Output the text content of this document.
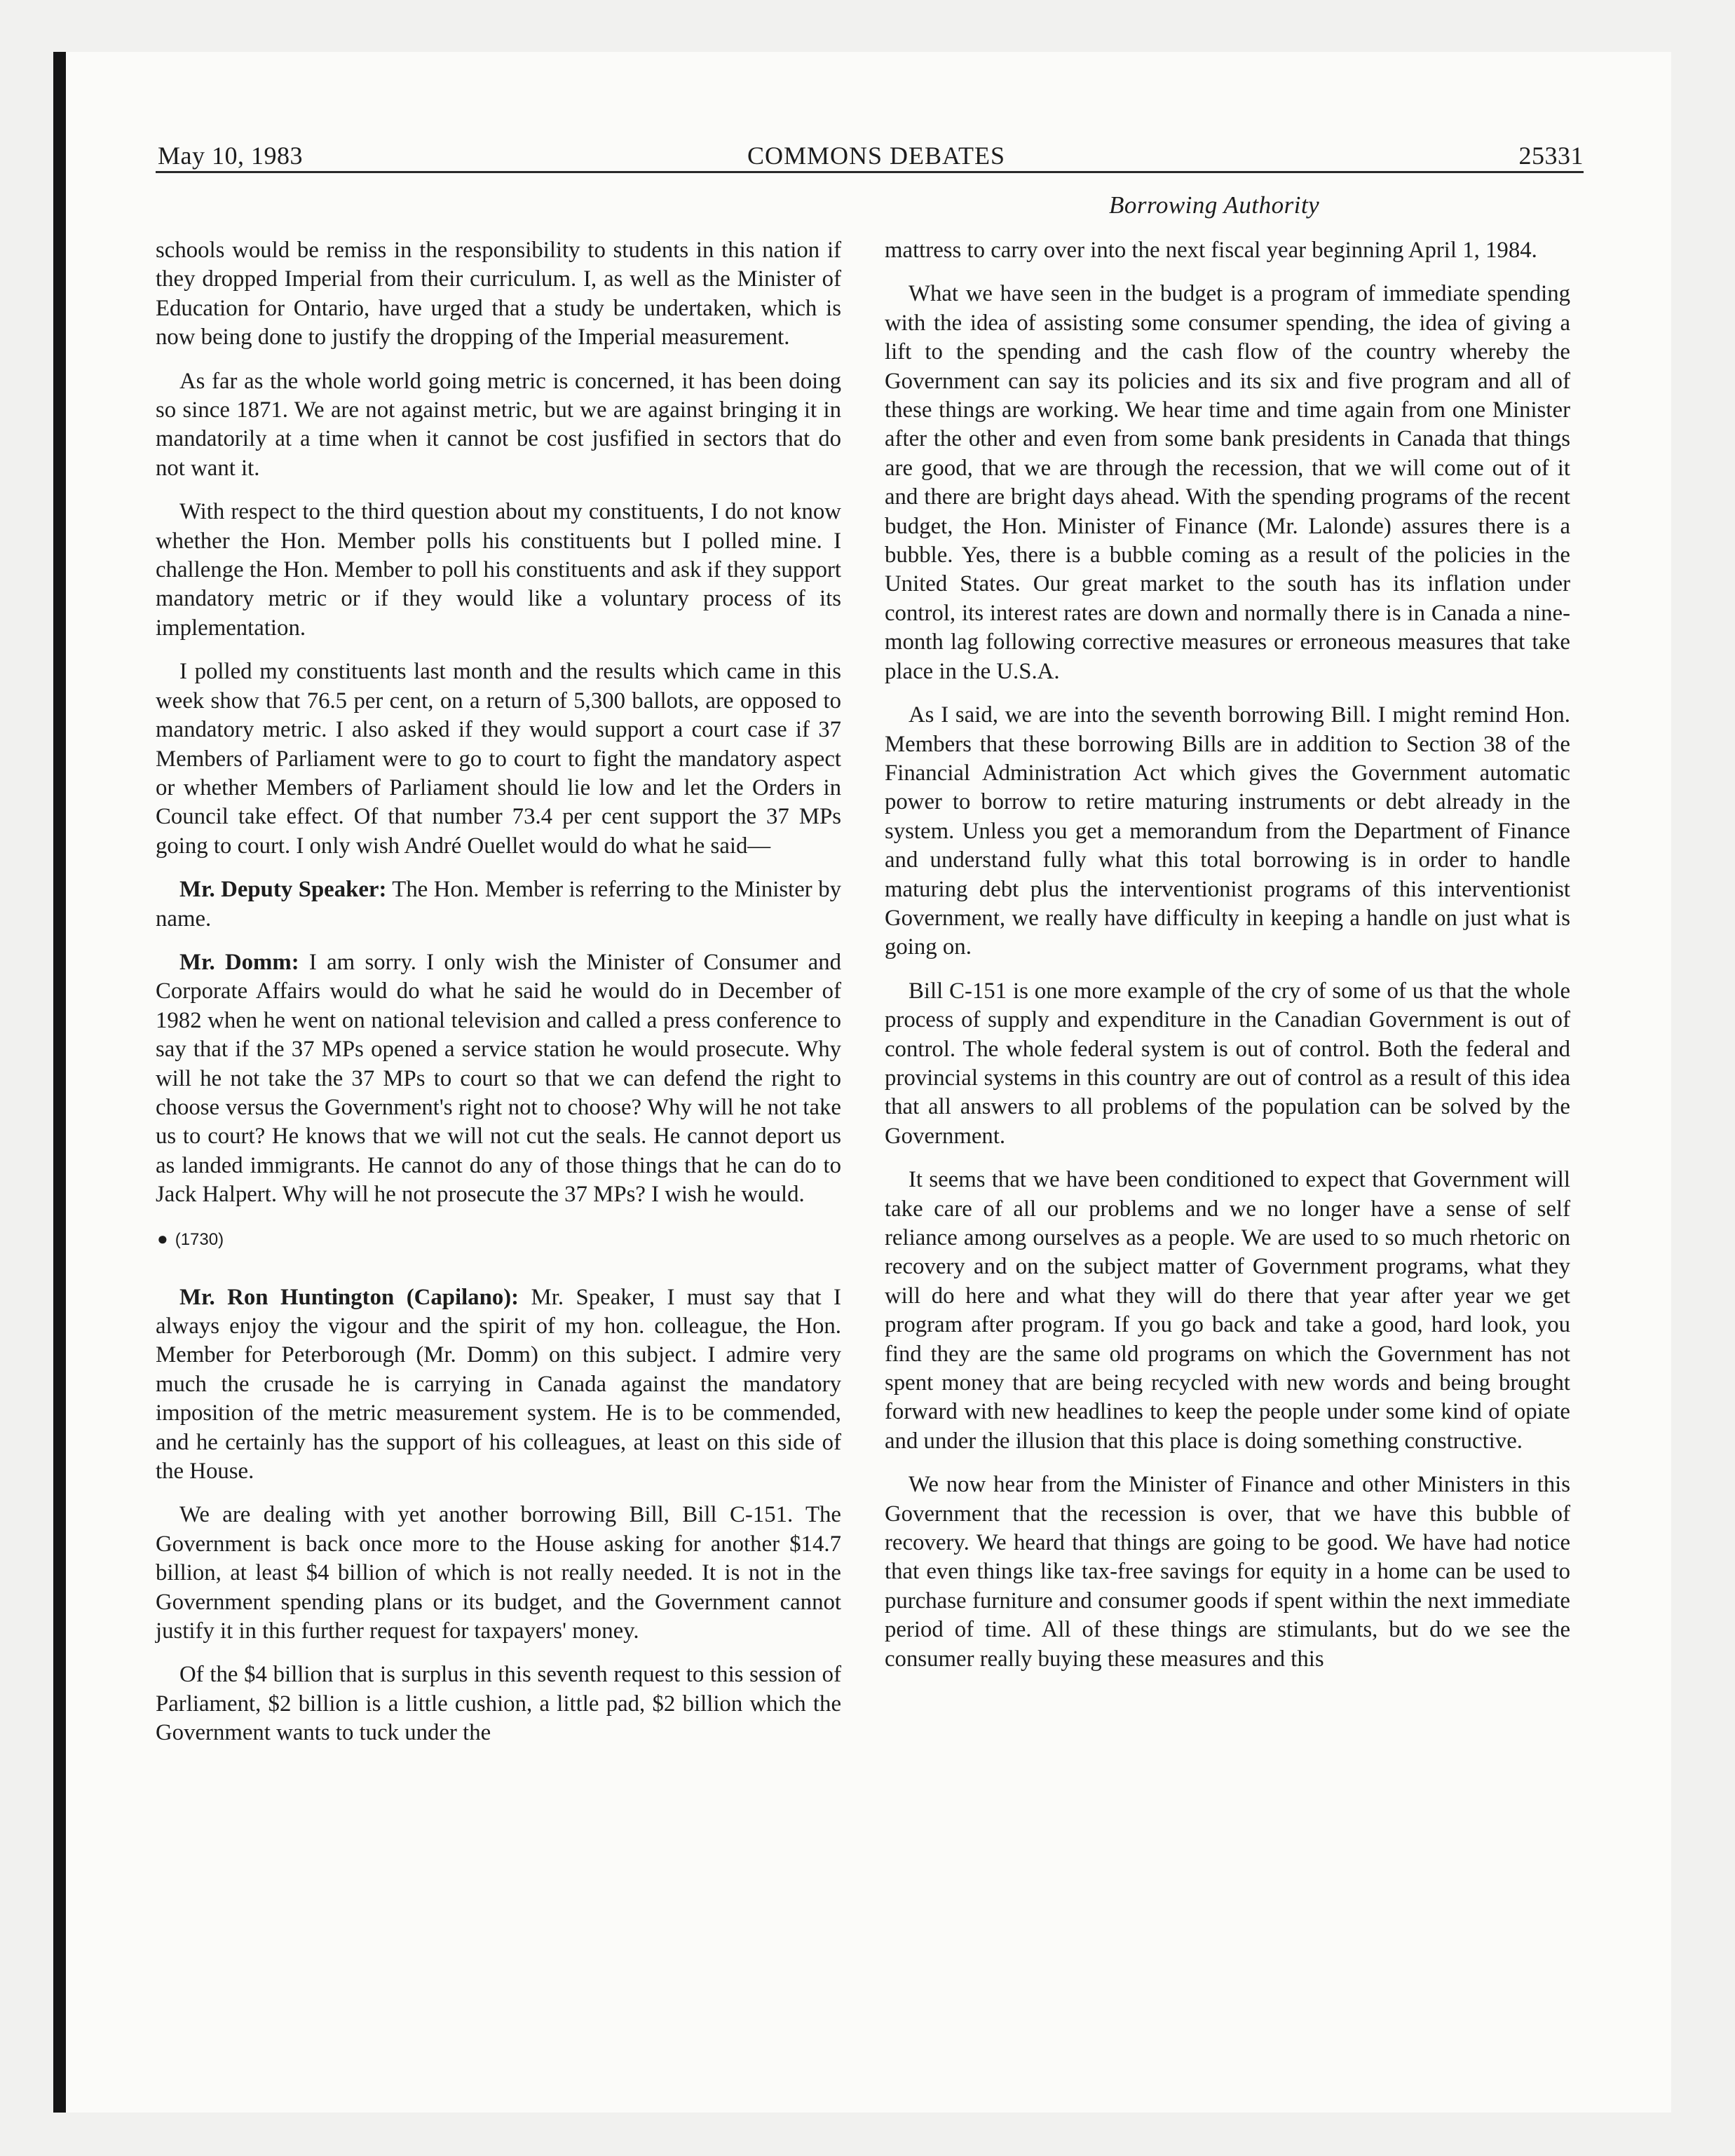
May 10, 1983	COMMONS DEBATES	25331
Borrowing Authority

schools would be remiss in the responsibility to students in this nation if they dropped Imperial from their curriculum. I, as well as the Minister of Education for Ontario, have urged that a study be undertaken, which is now being done to justify the dropping of the Imperial measurement.

As far as the whole world going metric is concerned, it has been doing so since 1871. We are not against metric, but we are against bringing it in mandatorily at a time when it cannot be cost jusfified in sectors that do not want it.

With respect to the third question about my constituents, I do not know whether the Hon. Member polls his constituents but I polled mine. I challenge the Hon. Member to poll his constituents and ask if they support mandatory metric or if they would like a voluntary process of its implementation.

I polled my constituents last month and the results which came in this week show that 76.5 per cent, on a return of 5,300 ballots, are opposed to mandatory metric. I also asked if they would support a court case if 37 Members of Parliament were to go to court to fight the mandatory aspect or whether Members of Parliament should lie low and let the Orders in Council take effect. Of that number 73.4 per cent support the 37 MPs going to court. I only wish André Ouellet would do what he said—

Mr. Deputy Speaker: The Hon. Member is referring to the Minister by name.

Mr. Domm: I am sorry. I only wish the Minister of Consumer and Corporate Affairs would do what he said he would do in December of 1982 when he went on national television and called a press conference to say that if the 37 MPs opened a service station he would prosecute. Why will he not take the 37 MPs to court so that we can defend the right to choose versus the Government's right not to choose? Why will he not take us to court? He knows that we will not cut the seals. He cannot deport us as landed immigrants. He cannot do any of those things that he can do to Jack Halpert. Why will he not prosecute the 37 MPs? I wish he would.

● (1730)

Mr. Ron Huntington (Capilano): Mr. Speaker, I must say that I always enjoy the vigour and the spirit of my hon. colleague, the Hon. Member for Peterborough (Mr. Domm) on this subject. I admire very much the crusade he is carrying in Canada against the mandatory imposition of the metric measurement system. He is to be commended, and he certainly has the support of his colleagues, at least on this side of the House.

We are dealing with yet another borrowing Bill, Bill C-151. The Government is back once more to the House asking for another $14.7 billion, at least $4 billion of which is not really needed. It is not in the Government spending plans or its budget, and the Government cannot justify it in this further request for taxpayers' money.

Of the $4 billion that is surplus in this seventh request to this session of Parliament, $2 billion is a little cushion, a little pad, $2 billion which the Government wants to tuck under the

mattress to carry over into the next fiscal year beginning April 1, 1984.

What we have seen in the budget is a program of immediate spending with the idea of assisting some consumer spending, the idea of giving a lift to the spending and the cash flow of the country whereby the Government can say its policies and its six and five program and all of these things are working. We hear time and time again from one Minister after the other and even from some bank presidents in Canada that things are good, that we are through the recession, that we will come out of it and there are bright days ahead. With the spending programs of the recent budget, the Hon. Minister of Finance (Mr. Lalonde) assures there is a bubble. Yes, there is a bubble coming as a result of the policies in the United States. Our great market to the south has its inflation under control, its interest rates are down and normally there is in Canada a nine-month lag following corrective measures or erroneous measures that take place in the U.S.A.

As I said, we are into the seventh borrowing Bill. I might remind Hon. Members that these borrowing Bills are in addition to Section 38 of the Financial Administration Act which gives the Government automatic power to borrow to retire maturing instruments or debt already in the system. Unless you get a memorandum from the Department of Finance and understand fully what this total borrowing is in order to handle maturing debt plus the interventionist programs of this interventionist Government, we really have difficulty in keeping a handle on just what is going on.

Bill C-151 is one more example of the cry of some of us that the whole process of supply and expenditure in the Canadian Government is out of control. The whole federal system is out of control. Both the federal and provincial systems in this country are out of control as a result of this idea that all answers to all problems of the population can be solved by the Government.

It seems that we have been conditioned to expect that Government will take care of all our problems and we no longer have a sense of self reliance among ourselves as a people. We are used to so much rhetoric on recovery and on the subject matter of Government programs, what they will do here and what they will do there that year after year we get program after program. If you go back and take a good, hard look, you find they are the same old programs on which the Government has not spent money that are being recycled with new words and being brought forward with new headlines to keep the people under some kind of opiate and under the illusion that this place is doing something constructive.

We now hear from the Minister of Finance and other Ministers in this Government that the recession is over, that we have this bubble of recovery. We heard that things are going to be good. We have had notice that even things like tax-free savings for equity in a home can be used to purchase furniture and consumer goods if spent within the next immediate period of time. All of these things are stimulants, but do we see the consumer really buying these measures and this
